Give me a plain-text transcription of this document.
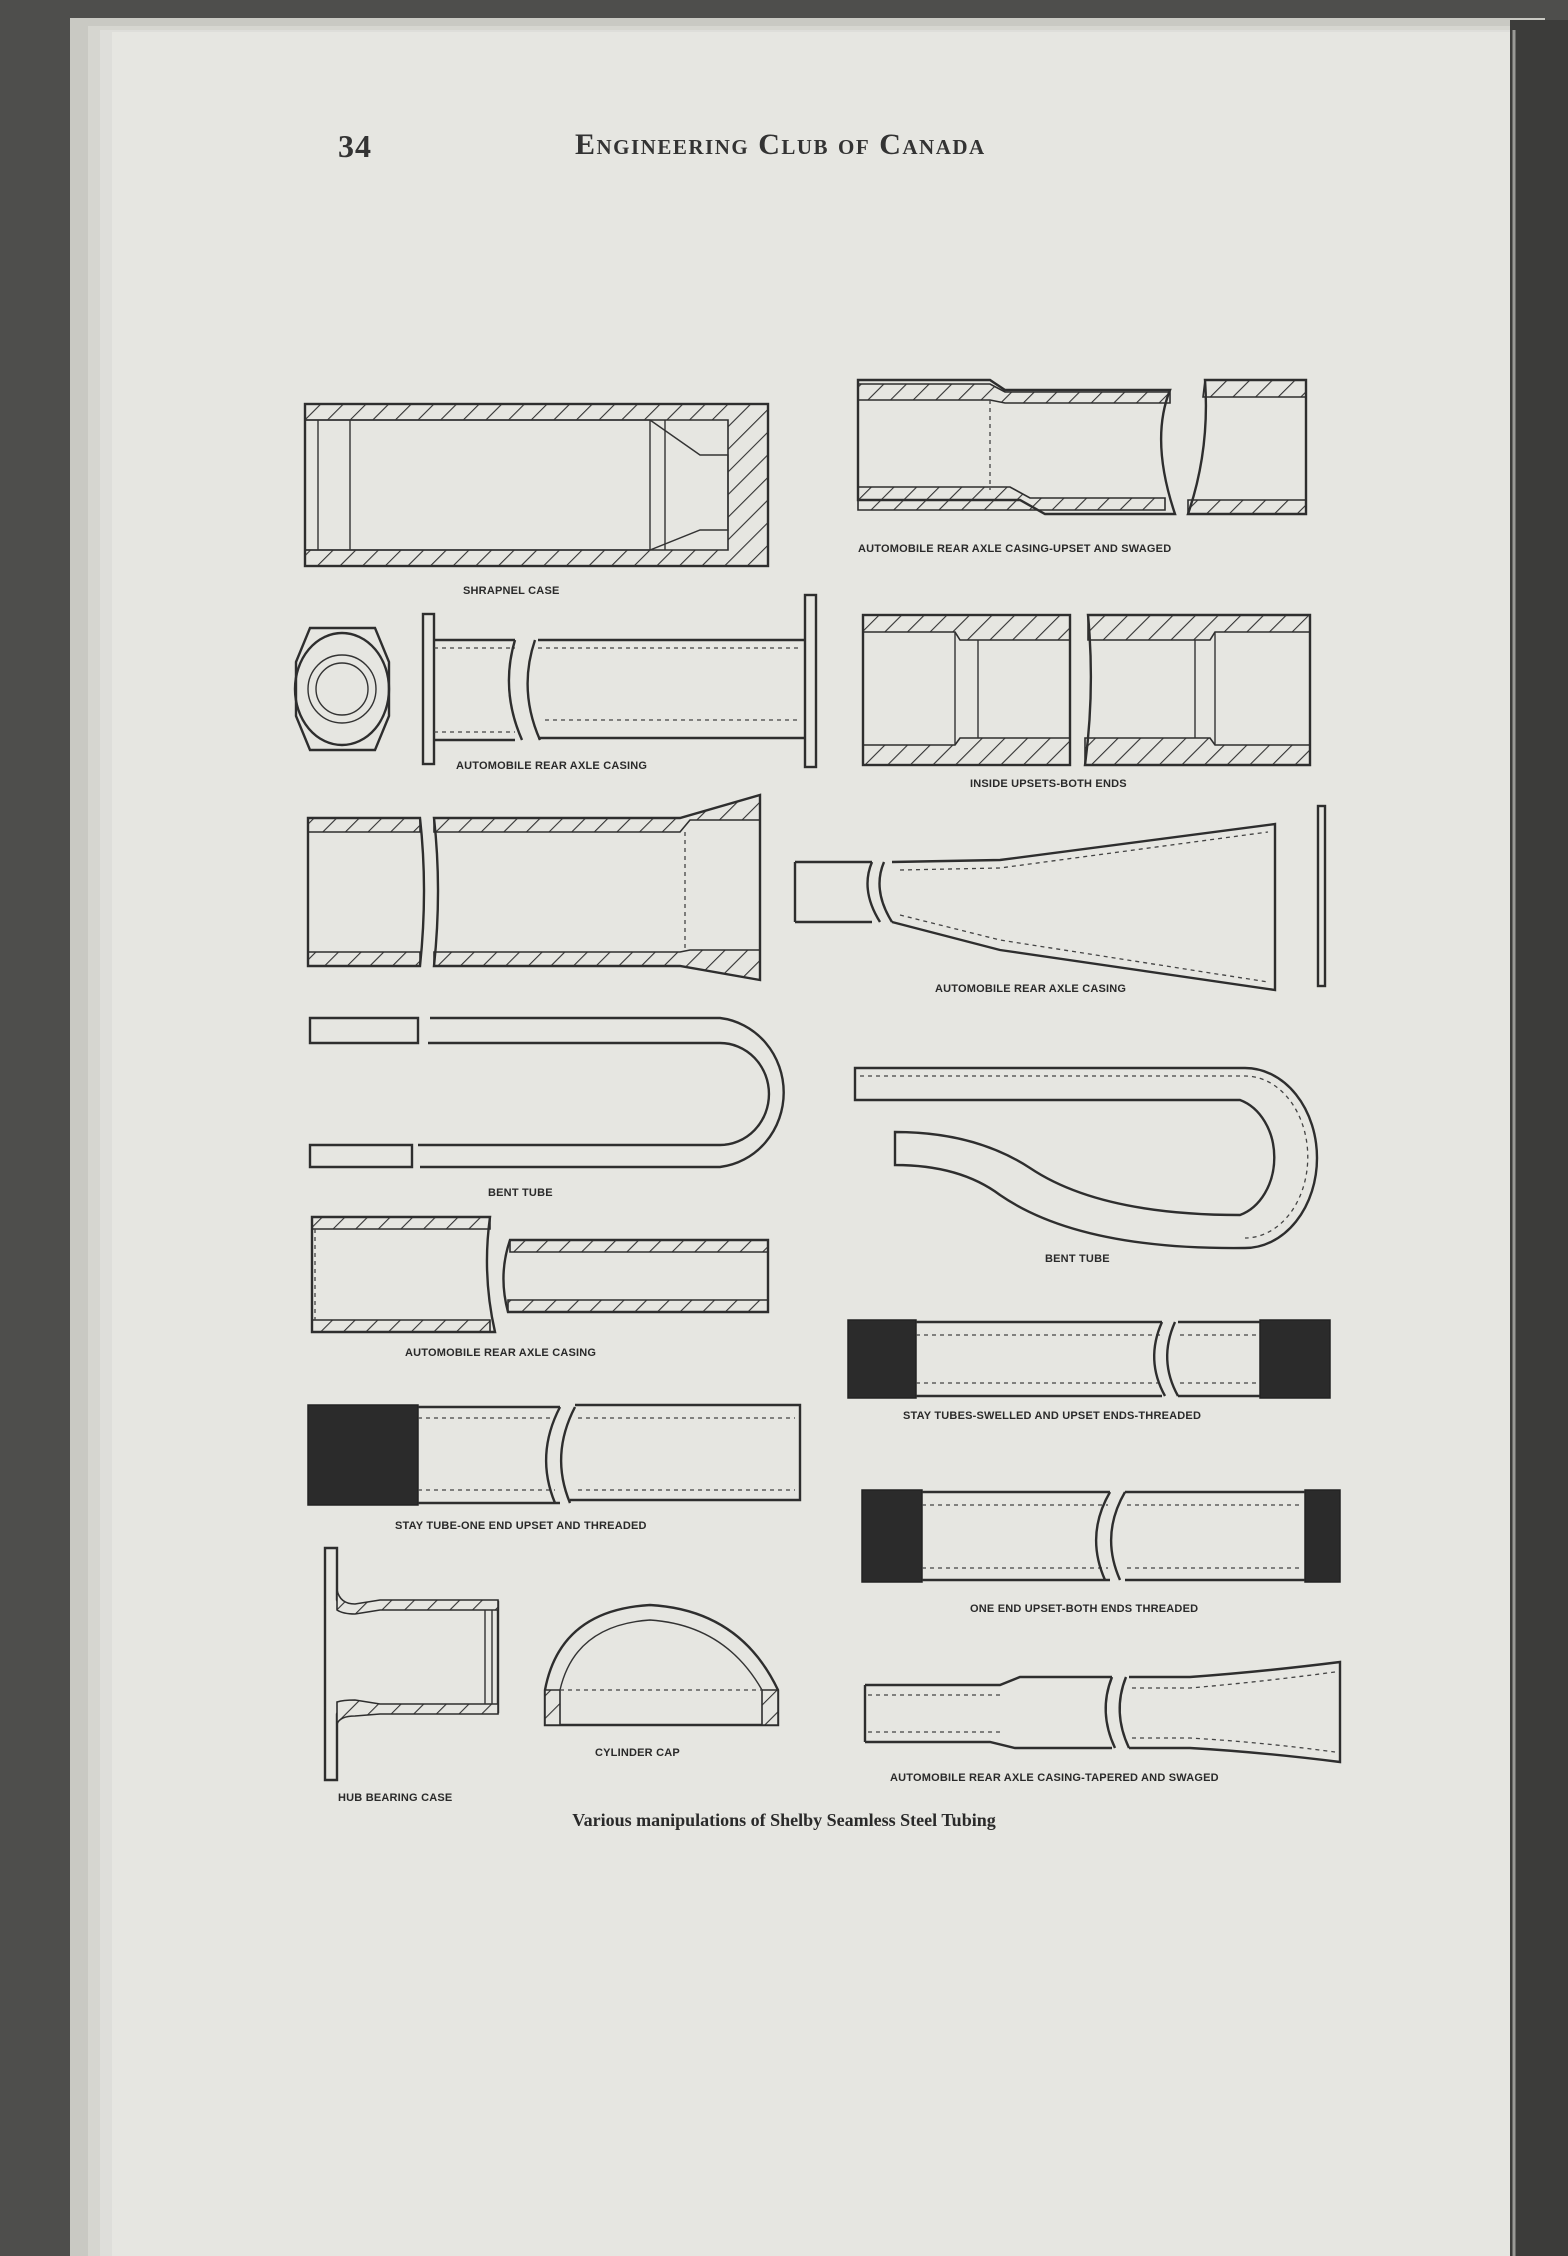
34	Engineering Club of Canada
SHRAPNEL CASE
AUTOMOBILE REAR AXLE CASING-UPSET AND SWAGED
AUTOMOBILE REAR AXLE CASING
INSIDE UPSETS-BOTH ENDS
AUTOMOBILE REAR AXLE CASING
BENT TUBE
BENT TUBE
AUTOMOBILE REAR AXLE CASING
STAY TUBES-SWELLED AND UPSET ENDS-THREADED
STAY TUBE-ONE END UPSET AND THREADED
ONE END UPSET-BOTH ENDS THREADED
CYLINDER CAP
HUB BEARING CASE
AUTOMOBILE REAR AXLE CASING-TAPERED AND SWAGED
Various manipulations of Shelby Seamless Steel Tubing
